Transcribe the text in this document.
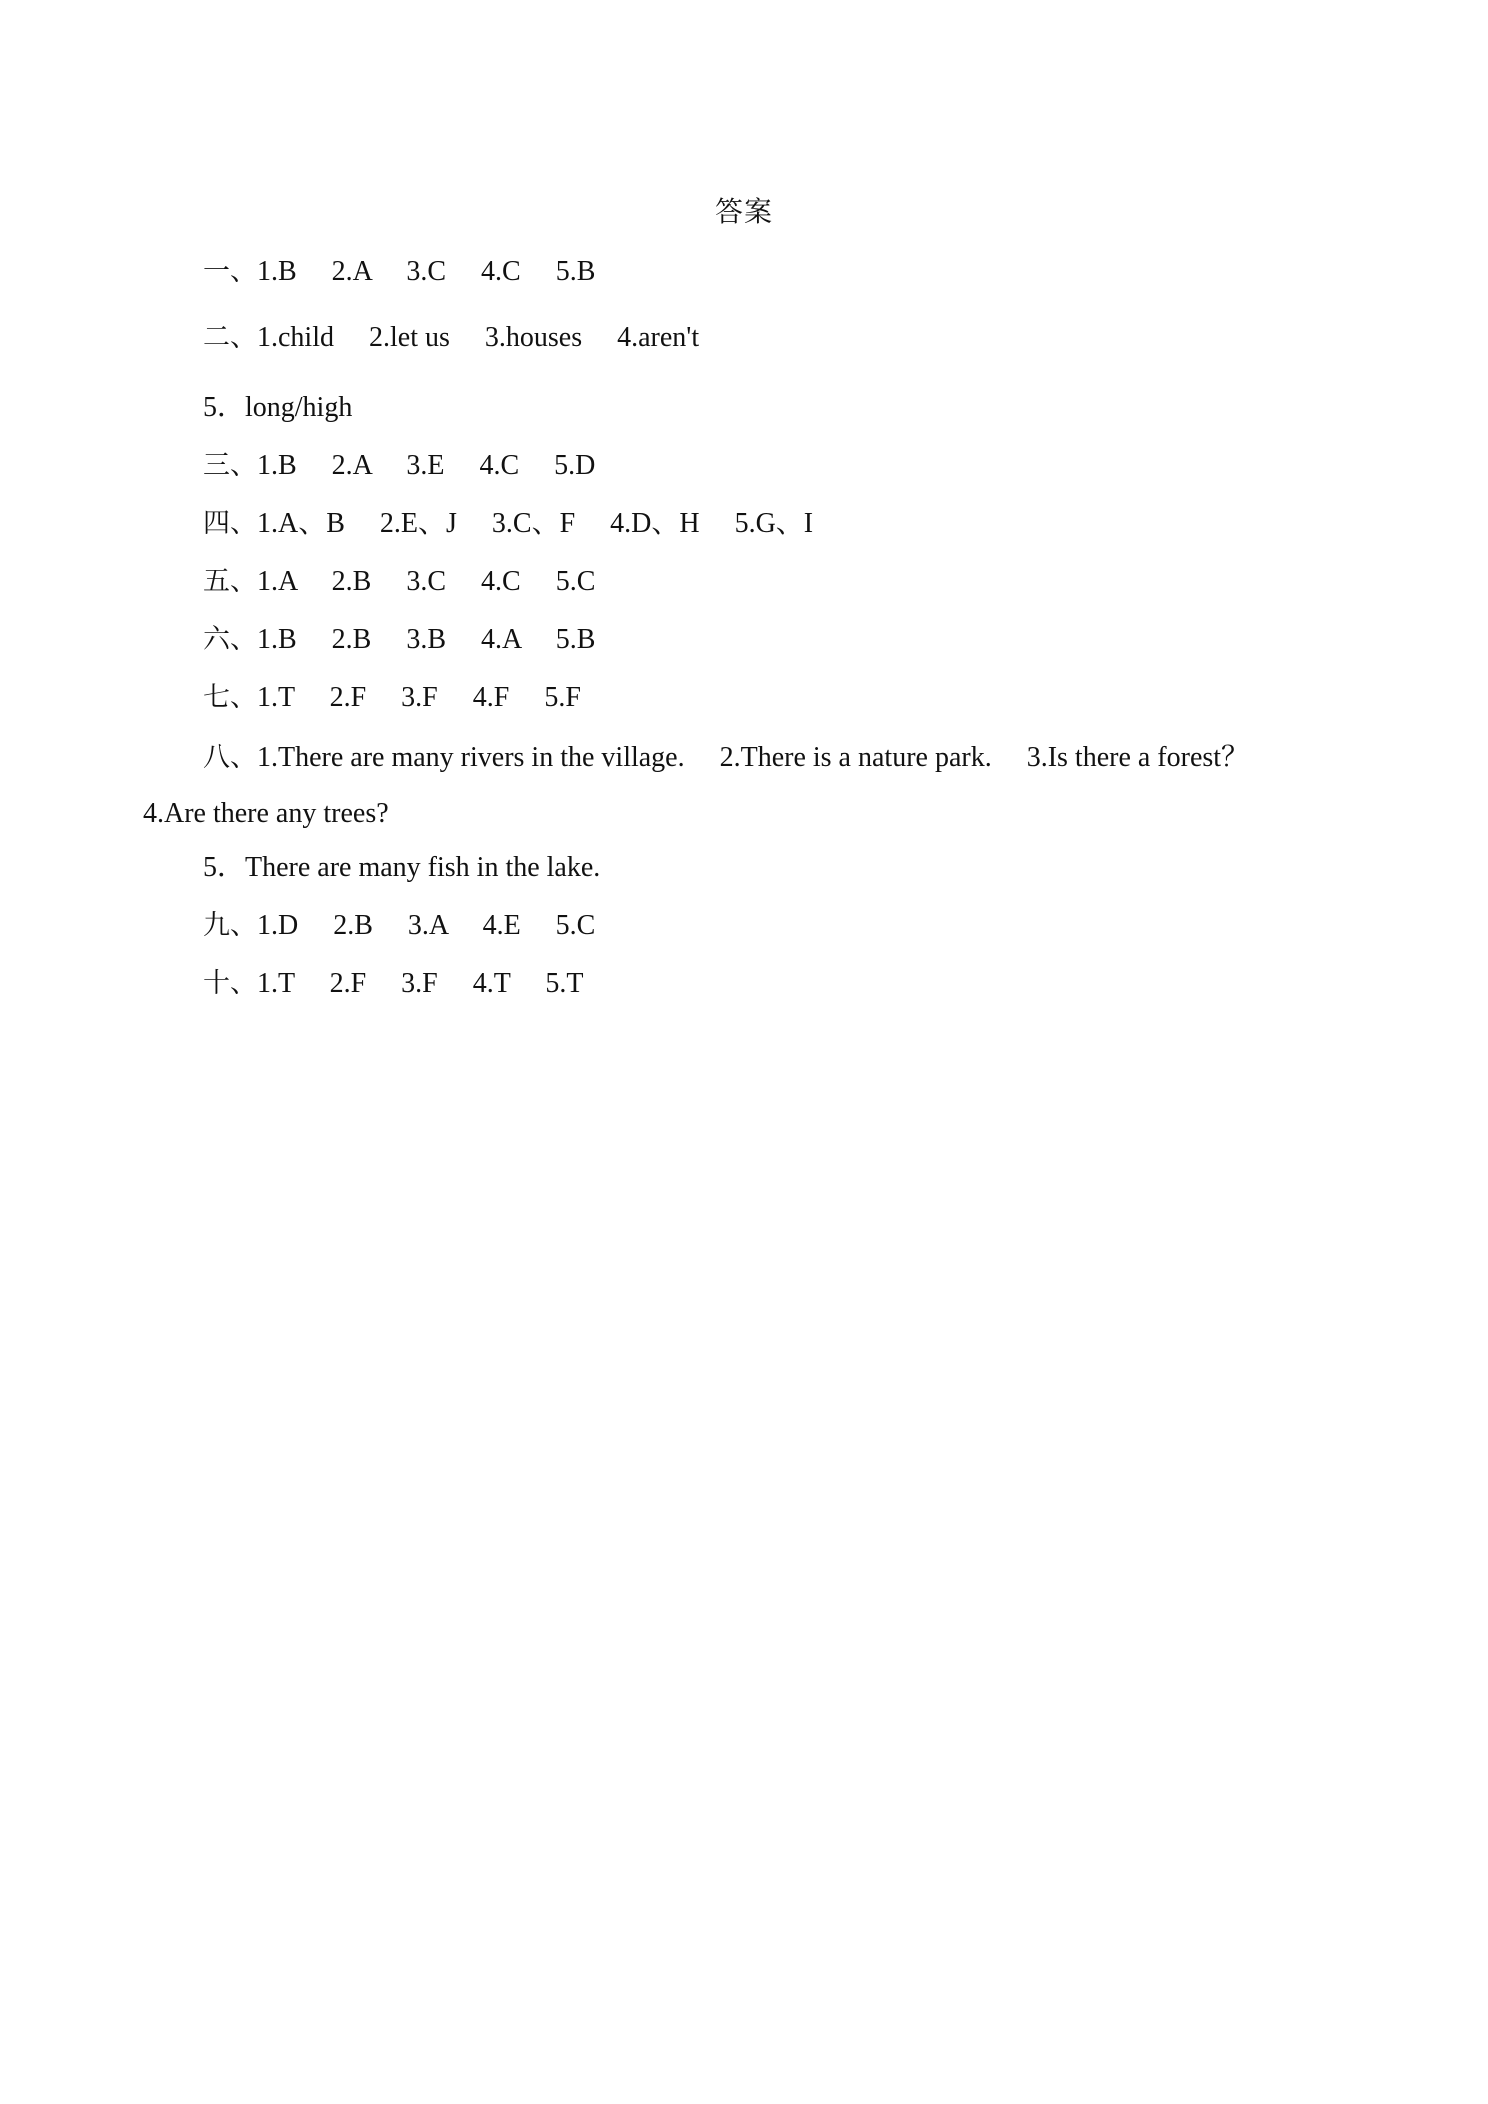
答案
一、1.B　 2.A　 3.C　 4.C　 5.B
二、1.child　 2.let us　 3.houses　 4.aren't
5．long/high
三、1.B　 2.A　 3.E　 4.C　 5.D
四、1.A、B　 2.E、J　 3.C、F　 4.D、H　 5.G、I
五、1.A　 2.B　 3.C　 4.C　 5.C
六、1.B　 2.B　 3.B　 4.A　 5.B
七、1.T　 2.F　 3.F　 4.F　 5.F
八、1.There are many rivers in the village.　 2.There is a nature park.　 3.Is there a forest？
4.Are there any trees?
5．There are many fish in the lake.
九、1.D　 2.B　 3.A　 4.E　 5.C
十、1.T　 2.F　 3.F　 4.T　 5.T
